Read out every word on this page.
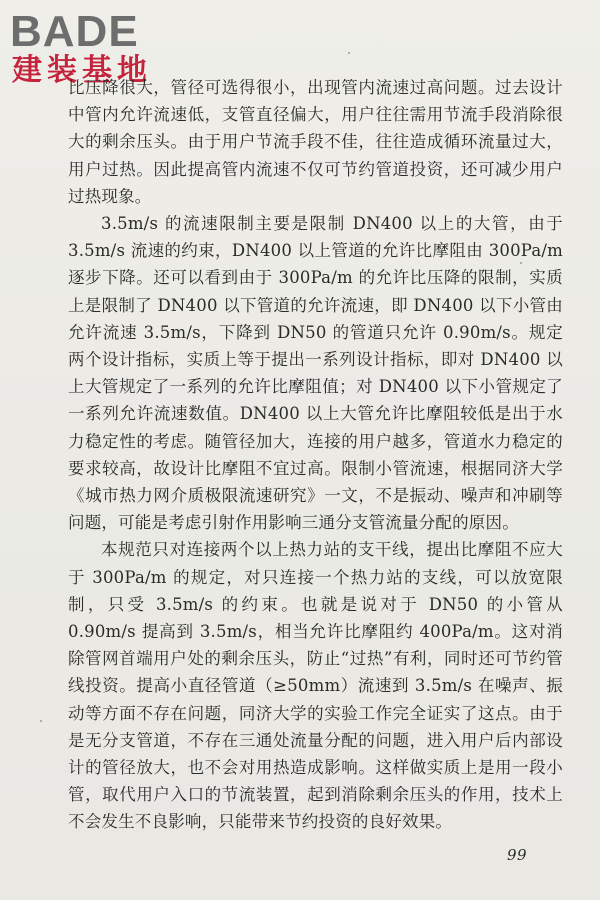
BADE
建装基地

比压降很大，管径可选得很小，出现管内流速过高问题。过去设计中管内允许流速低，支管直径偏大，用户往往需用节流手段消除很大的剩余压头。由于用户节流手段不佳，往往造成循环流量过大，用户过热。因此提高管内流速不仅可节约管道投资，还可减少用户过热现象。

3.5m/s 的流速限制主要是限制 DN400 以上的大管，由于 3.5m/s 流速的约束，DN400 以上管道的允许比摩阻由 300Pa/m 逐步下降。还可以看到由于 300Pa/m 的允许比压降的限制，实质上是限制了 DN400 以下管道的允许流速，即 DN400 以下小管由允许流速 3.5m/s，下降到 DN50 的管道只允许 0.90m/s。规定两个设计指标，实质上等于提出一系列设计指标，即对 DN400 以上大管规定了一系列的允许比摩阻值；对 DN400 以下小管规定了一系列允许流速数值。DN400 以上大管允许比摩阻较低是出于水力稳定性的考虑。随管径加大，连接的用户越多，管道水力稳定的要求较高，故设计比摩阻不宜过高。限制小管流速，根据同济大学《城市热力网介质极限流速研究》一文，不是振动、噪声和冲刷等问题，可能是考虑引射作用影响三通分支管流量分配的原因。

本规范只对连接两个以上热力站的支干线，提出比摩阻不应大于 300Pa/m 的规定，对只连接一个热力站的支线，可以放宽限制，只受 3.5m/s 的约束。也就是说对于 DN50 的小管从 0.90m/s 提高到 3.5m/s，相当允许比摩阻约 400Pa/m。这对消除管网首端用户处的剩余压头，防止“过热”有利，同时还可节约管线投资。提高小直径管道（≥50mm）流速到 3.5m/s 在噪声、振动等方面不存在问题，同济大学的实验工作完全证实了这点。由于是无分支管道，不存在三通处流量分配的问题，进入用户后内部设计的管径放大，也不会对用热造成影响。这样做实质上是用一段小管，取代用户入口的节流装置，起到消除剩余压头的作用，技术上不会发生不良影响，只能带来节约投资的良好效果。

99
